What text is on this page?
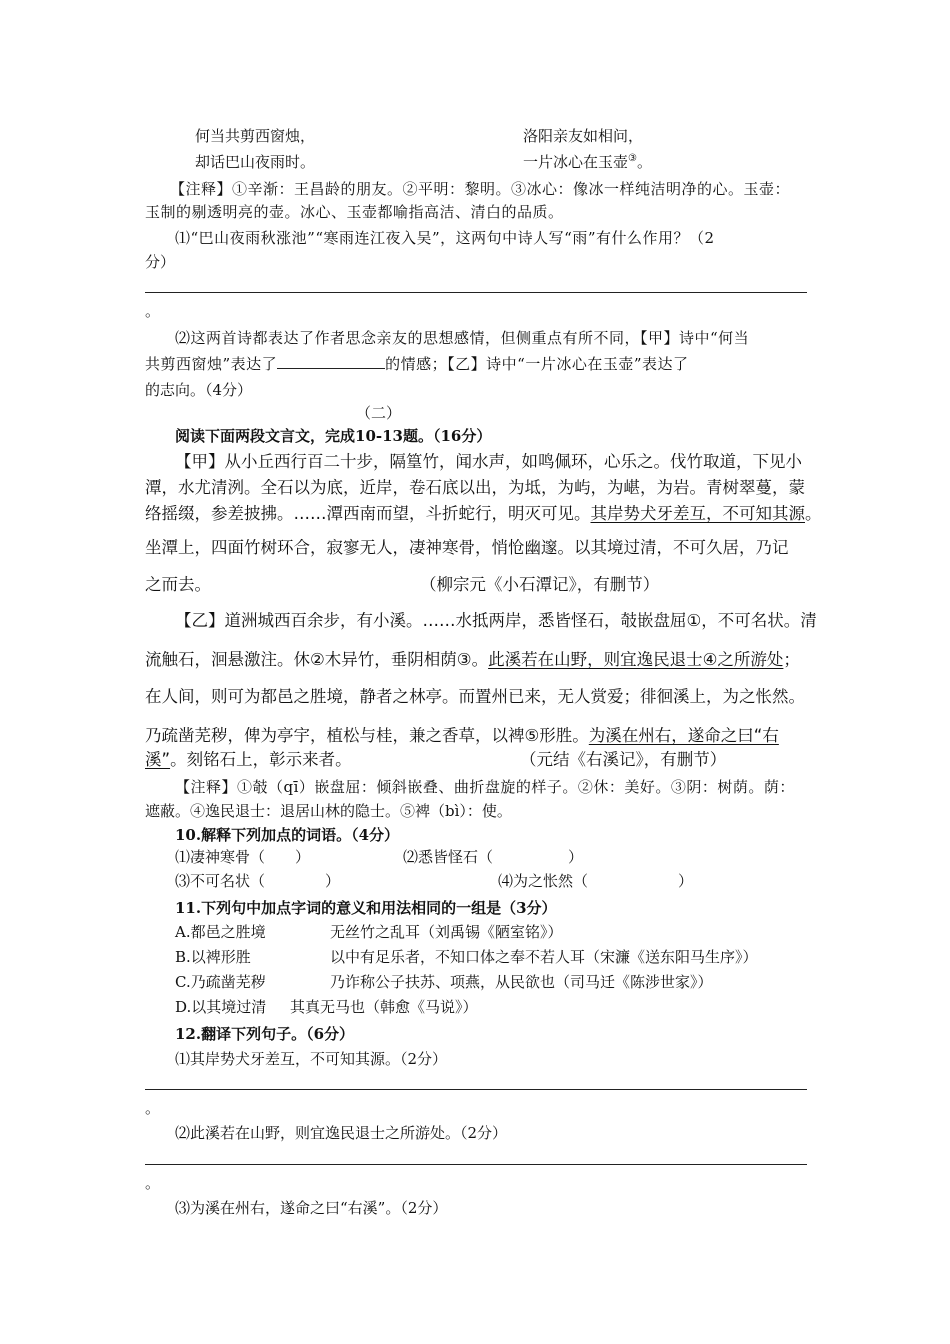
何当共剪西窗烛，	洛阳亲友如相问，
却话巴山夜雨时。	一片冰心在玉壶③。
【注释】①辛渐：王昌龄的朋友。②平明：黎明。③冰心：像冰一样纯洁明净的心。玉壶：
玉制的剔透明亮的壶。冰心、玉壶都喻指高洁、清白的品质。
⑴“巴山夜雨秋涨池”“寒雨连江夜入吴”，这两句中诗人写“雨”有什么作用？（2
分）
。
⑵这两首诗都表达了作者思念亲友的思想感情，但侧重点有所不同，【甲】诗中“何当
共剪西窗烛”表达了	的情感；【乙】诗中“一片冰心在玉壶”表达了
的志向。（4分）
（二）
阅读下面两段文言文，完成10-13题。（16分）
【甲】从小丘西行百二十步，隔篁竹，闻水声，如鸣佩环，心乐之。伐竹取道，下见小
潭，水尤清洌。全石以为底，近岸，卷石底以出，为坻，为屿，为嵁，为岩。青树翠蔓，蒙
络摇缀，参差披拂。……潭西南而望，斗折蛇行，明灭可见。其岸势犬牙差互，不可知其源。
坐潭上，四面竹树环合，寂寥无人，凄神寒骨，悄怆幽邃。以其境过清，不可久居，乃记
之而去。	（柳宗元《小石潭记》，有删节）
【乙】道洲城西百余步，有小溪。……水抵两岸，悉皆怪石，攲嵌盘屈①，不可名状。清
流触石，洄悬激注。休②木异竹，垂阴相荫③。此溪若在山野，则宜逸民退士④之所游处；
在人间，则可为都邑之胜境，静者之林亭。而置州已来，无人赏爱；徘徊溪上，为之怅然。
乃疏凿芜秽，俾为亭宇，植松与桂，兼之香草，以裨⑤形胜。为溪在州右，遂命之曰“右
溪”。刻铭石上，彰示来者。	（元结《右溪记》，有删节）
【注释】①攲（qī）嵌盘屈：倾斜嵌叠、曲折盘旋的样子。②休：美好。③阴：树荫。荫：
遮蔽。④逸民退士：退居山林的隐士。⑤裨（bì）：使。
10.解释下列加点的词语。（4分）
⑴凄神寒骨（　　）	⑵悉皆怪石（　　　　　）
⑶不可名状（　　　　）	⑷为之怅然（　　　　　　）
11.下列句中加点字词的意义和用法相同的一组是（3分）
A.都邑之胜境	无丝竹之乱耳（刘禹锡《陋室铭》）
B.以裨形胜	以中有足乐者，不知口体之奉不若人耳（宋濂《送东阳马生序》）
C.乃疏凿芜秽	乃诈称公子扶苏、项燕，从民欲也（司马迁《陈涉世家》）
D.以其境过清 其真无马也（韩愈《马说》）
12.翻译下列句子。（6分）
⑴其岸势犬牙差互，不可知其源。（2分）
。
⑵此溪若在山野，则宜逸民退士之所游处。（2分）
。
⑶为溪在州右，遂命之曰“右溪”。（2分）
